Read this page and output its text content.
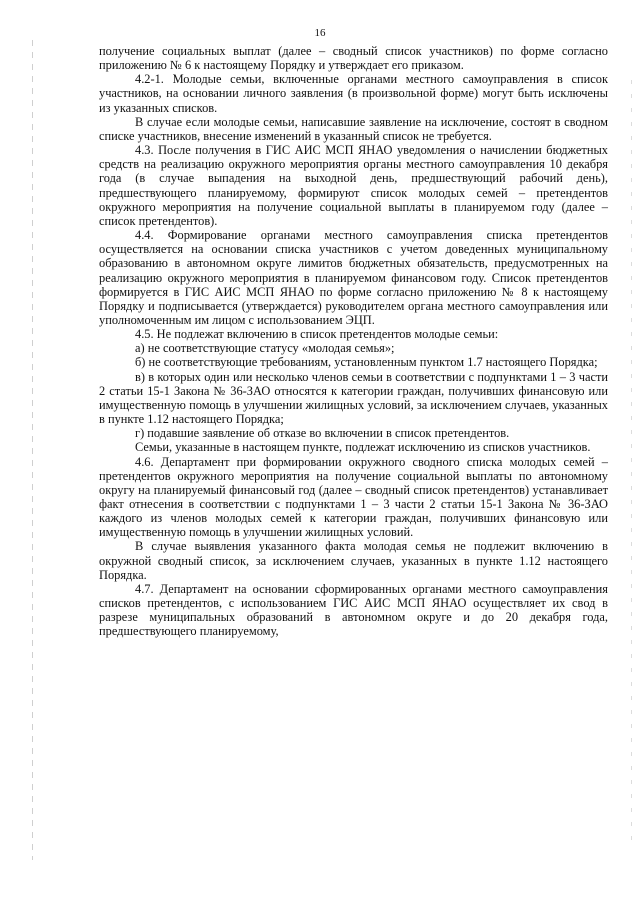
16

получение социальных выплат (далее – сводный список участников) по форме согласно приложению № 6 к настоящему Порядку и утверждает его приказом.

4.2-1. Молодые семьи, включенные органами местного самоуправления в список участников, на основании личного заявления (в произвольной форме) могут быть исключены из указанных списков.

В случае если молодые семьи, написавшие заявление на исключение, состоят в сводном списке участников, внесение изменений в указанный список не требуется.

4.3. После получения в ГИС АИС МСП ЯНАО уведомления о начислении бюджетных средств на реализацию окружного мероприятия органы местного самоуправления 10 декабря года (в случае выпадения на выходной день, предшествующий рабочий день), предшествующего планируемому, формируют список молодых семей – претендентов окружного мероприятия на получение социальной выплаты в планируемом году (далее – список претендентов).

4.4. Формирование органами местного самоуправления списка претендентов осуществляется на основании списка участников с учетом доведенных муниципальному образованию в автономном округе лимитов бюджетных обязательств, предусмотренных на реализацию окружного мероприятия в планируемом финансовом году. Список претендентов формируется в ГИС АИС МСП ЯНАО по форме согласно приложению № 8 к настоящему Порядку и подписывается (утверждается) руководителем органа местного самоуправления или уполномоченным им лицом с использованием ЭЦП.

4.5. Не подлежат включению в список претендентов молодые семьи:

а) не соответствующие статусу «молодая семья»;

б) не соответствующие требованиям, установленным пунктом 1.7 настоящего Порядка;

в) в которых один или несколько членов семьи в соответствии с подпунктами 1 – 3 части 2 статьи 15-1 Закона № 36-ЗАО относятся к категории граждан, получивших финансовую или имущественную помощь в улучшении жилищных условий, за исключением случаев, указанных в пункте 1.12 настоящего Порядка;

г) подавшие заявление об отказе во включении в список претендентов.

Семьи, указанные в настоящем пункте, подлежат исключению из списков участников.

4.6. Департамент при формировании окружного сводного списка молодых семей – претендентов окружного мероприятия на получение социальной выплаты по автономному округу на планируемый финансовый год (далее – сводный список претендентов) устанавливает факт отнесения в соответствии с подпунктами 1 – 3 части 2 статьи 15-1 Закона № 36-ЗАО каждого из членов молодых семей к категории граждан, получивших финансовую или имущественную помощь в улучшении жилищных условий.

В случае выявления указанного факта молодая семья не подлежит включению в окружной сводный список, за исключением случаев, указанных в пункте 1.12 настоящего Порядка.

4.7. Департамент на основании сформированных органами местного самоуправления списков претендентов, с использованием ГИС АИС МСП ЯНАО осуществляет их свод в разрезе муниципальных образований в автономном округе и до 20 декабря года, предшествующего планируемому,
